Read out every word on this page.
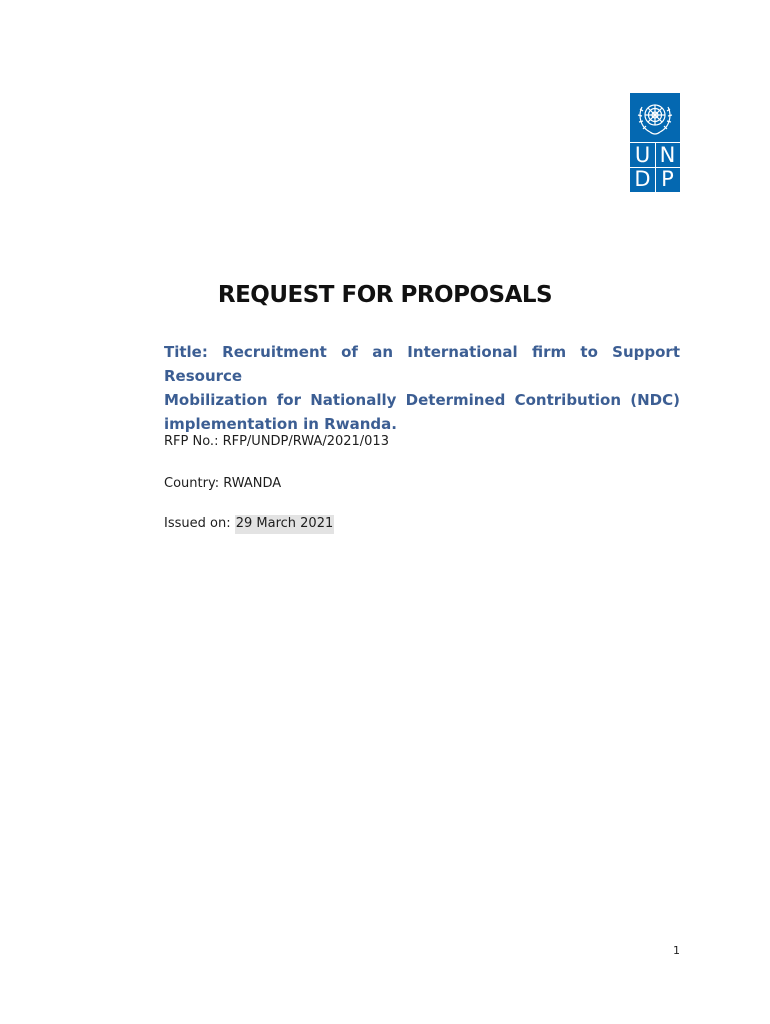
U N
D P
REQUEST FOR PROPOSALS
Title: Recruitment of an International firm to Support Resource
Mobilization for Nationally Determined Contribution (NDC)
implementation in Rwanda.
RFP No.: RFP/UNDP/RWA/2021/013
Country: RWANDA
Issued on: 29 March 2021
1
